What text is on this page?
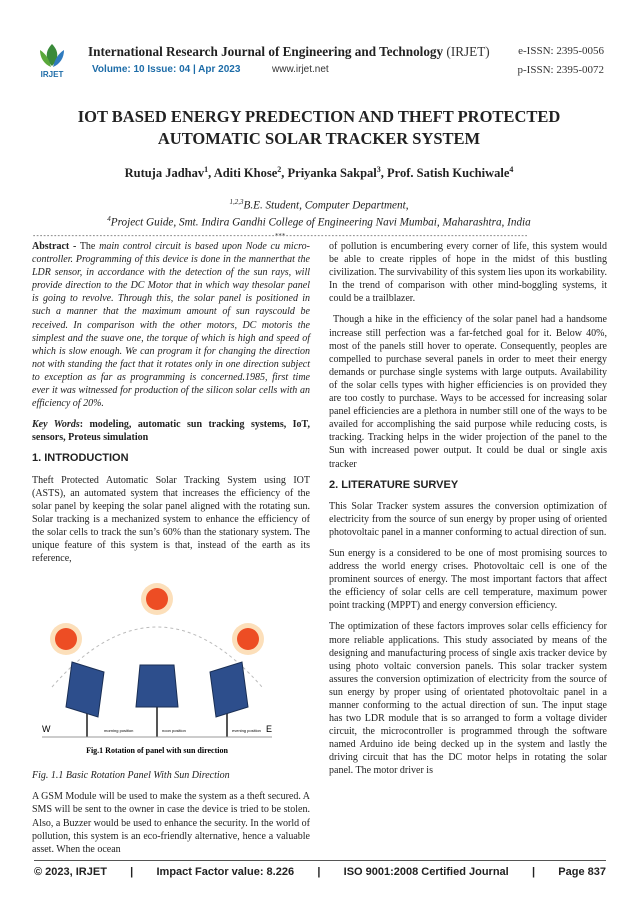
IRJET
International Research Journal of Engineering and Technology (IRJET)	e-ISSN: 2395-0056
Volume: 10 Issue: 04 | Apr 2023	www.irjet.net	p-ISSN: 2395-0072
IOT BASED ENERGY PREDECTION AND THEFT PROTECTED AUTOMATIC SOLAR TRACKER SYSTEM
Rutuja Jadhav$^1$, Aditi Khose$^2$, Priyanka Sakpal$^3$, Prof. Satish Kuchiwale$^4$
$^{1,2,3}$B.E. Student, Computer Department,
$^4$Project Guide, Smt. Indira Gandhi College of Engineering Navi Mumbai, Maharashtra, India
---------------------------------------------------------------------***---------------------------------------------------------------------

Abstract - The main control circuit is based upon Node cu micro-controller. Programming of this device is done in the mannerthat the LDR sensor, in accordance with the detection of the sun rays, will provide direction to the DC Motor that in which way thesolar panel is going to revolve. Through this, the solar panel is positioned in such a manner that the maximum amount of sun rayscould be received. In comparison with the other motors, DC motoris the simplest and the suave one, the torque of which is high and speed of which is slow enough. We can program it for changing the direction not with standing the fact that it rotates only in one direction subject to exception as far as programming is concerned.1985, first time ever it was witnessed for production of the silicon solar cells with an efficiency of 20%.

Key Words: modeling, automatic sun tracking systems, IoT, sensors, Proteus simulation

1. INTRODUCTION

Theft Protected Automatic Solar Tracking System using IOT (ASTS), an automated system that increases the efficiency of the solar panel by keeping the solar panel aligned with the rotating sun. Solar tracking is a mechanized system to enhance the efficiency of the solar cells to track the sun’s 60% than the stationary system. The unique feature of this system is that, instead of the earth as its reference,

W	E
morning position	noon position	evening position
Fig.1 Rotation of panel with sun direction

Fig. 1.1 Basic Rotation Panel With Sun Direction

A GSM Module will be used to make the system as a theft secured. A SMS will be sent to the owner in case the device is tried to be stolen. Also, a Buzzer would be used to enhance the security. In the world of pollution, this system is an eco-friendly alternative, hence a valuable asset. When the ocean

of pollution is encumbering every corner of life, this system would be able to create ripples of hope in the midst of this bustling civilization. The survivability of this system lies upon its workability. In the trend of comparison with other mind-boggling systems, it could be a trailblazer.

Though a hike in the efficiency of the solar panel had a handsome increase still perfection was a far-fetched goal for it. Below 40%, most of the panels still hover to operate. Consequently, peoples are compelled to purchase several panels in order to meet their energy demands or purchase single systems with large outputs. Availability of the solar cells types with higher efficiencies is on provided they are too costly to purchase. Ways to be accessed for increasing solar panel efficiencies are a plethora in number still one of the ways to be availed for accomplishing the said purpose while reducing costs, is tracking. Tracking helps in the wider projection of the panel to the Sun with increased power output. It could be dual or single axis tracker

2. LITERATURE SURVEY

This Solar Tracker system assures the conversion optimization of electricity from the source of sun energy by proper using of oriented photovoltaic panel in a manner conforming to actual direction of sun.

Sun energy is a considered to be one of most promising sources to address the world energy crises. Photovoltaic cell is one of the prominent sources of energy. The most important factors that affect the efficiency of solar cells are cell temperature, maximum power point tracking (MPPT) and energy conversion efficiency.

The optimization of these factors improves solar cells efficiency for more reliable applications. This study associated by means of the designing and manufacturing process of single axis tracker device by using photo voltaic conversion panels. This solar tracker system assures the conversion optimization of electricity from the source of sun energy by proper using of orientated photovoltaic panel in a manner conforming to the actual direction of sun. The input stage has two LDR module that is so arranged to form a voltage divider circuit, the microcontroller is programmed through the software named Arduino ide being decked up in the system and lastly the driving circuit that has the DC motor helps in rotating the solar panel. The motor driver is

© 2023, IRJET | Impact Factor value: 8.226 | ISO 9001:2008 Certified Journal | Page 837
